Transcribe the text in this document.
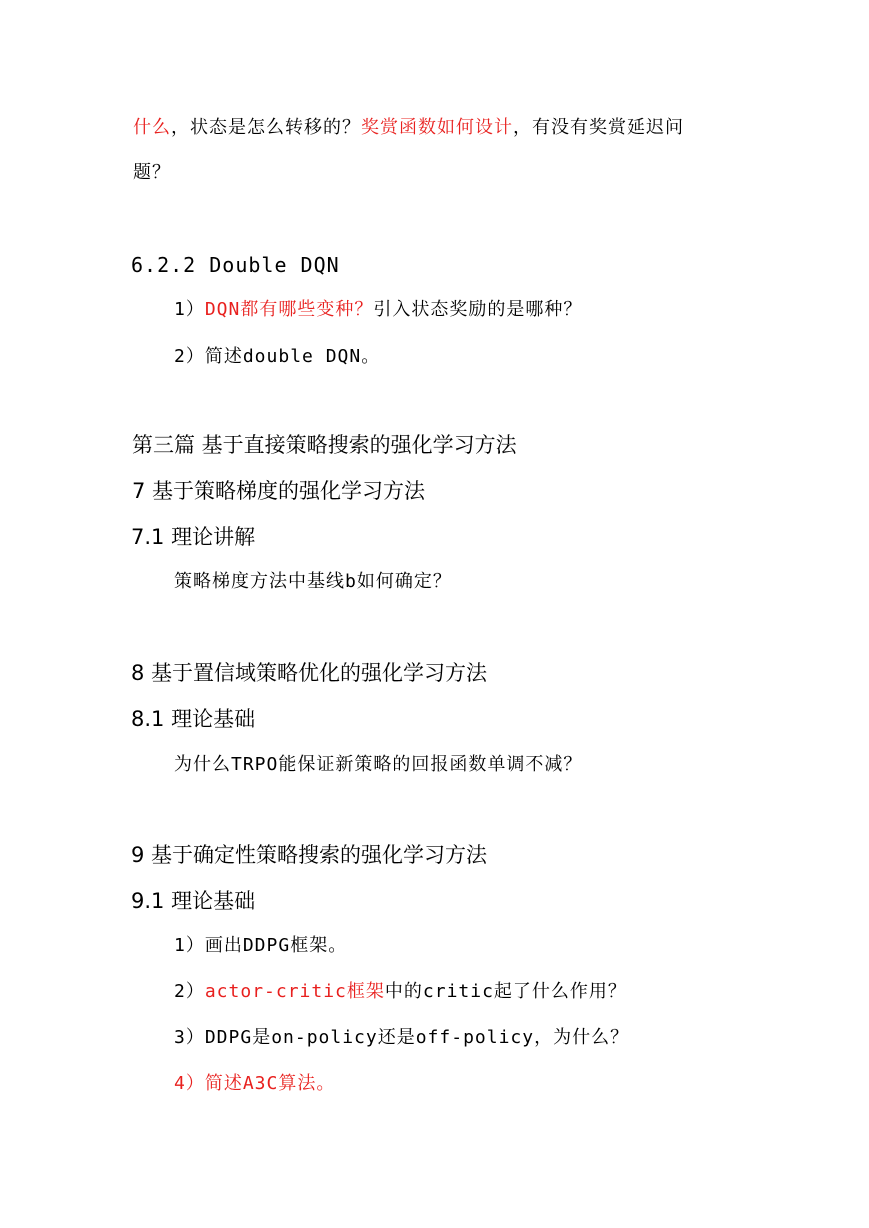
什么，状态是怎么转移的？奖赏函数如何设计，有没有奖赏延迟问
题？
6.2.2 Double DQN
1）DQN都有哪些变种？引入状态奖励的是哪种？
2）简述double DQN。
第三篇 基于直接策略搜索的强化学习方法
7 基于策略梯度的强化学习方法
7.1 理论讲解
策略梯度方法中基线b如何确定？
8 基于置信域策略优化的强化学习方法
8.1 理论基础
为什么TRPO能保证新策略的回报函数单调不减？
9 基于确定性策略搜索的强化学习方法
9.1 理论基础
1）画出DDPG框架。
2）actor-critic框架中的critic起了什么作用？
3）DDPG是on-policy还是off-policy，为什么？
4）简述A3C算法。
